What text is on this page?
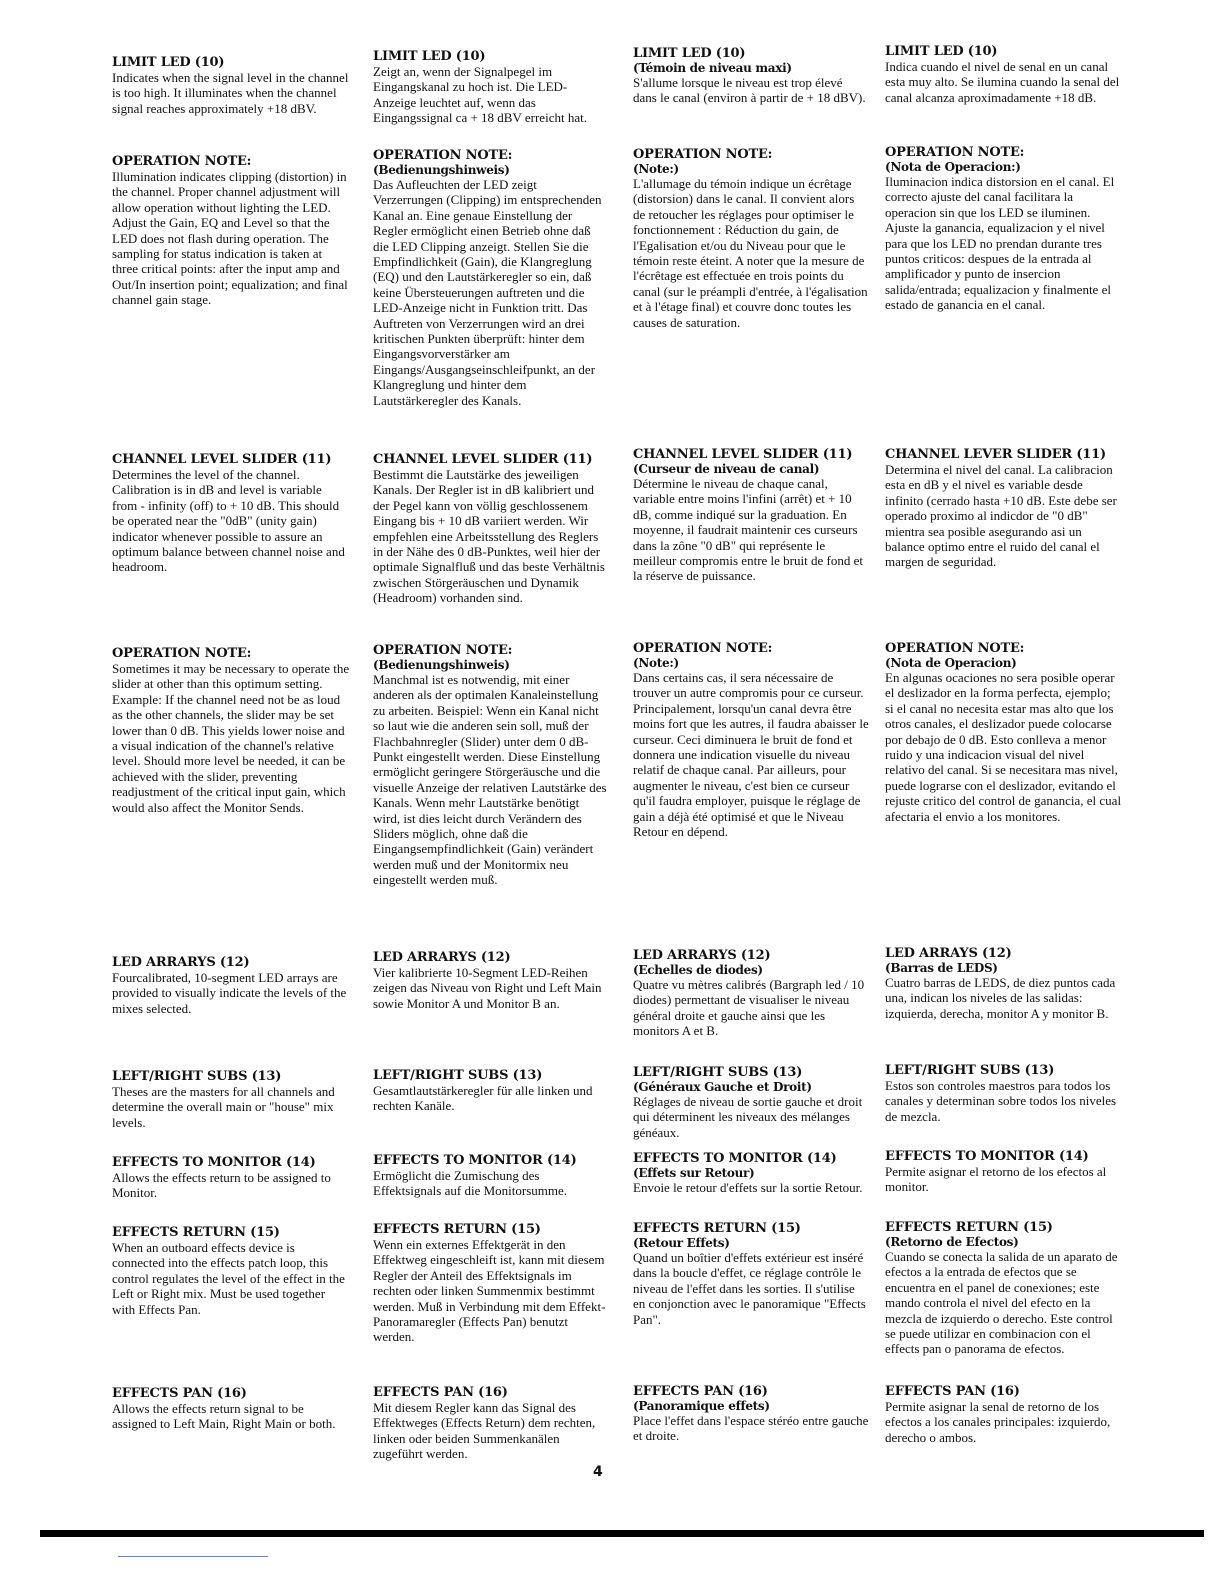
LIMIT LED (10)

Indicates when the signal level in the channel is too high. It illuminates when the channel signal reaches approximately +18 dBV.

OPERATION NOTE:

Illumination indicates clipping (distortion) in the channel. Proper channel adjustment will allow operation without lighting the LED. Adjust the Gain, EQ and Level so that the LED does not flash during operation. The sampling for status indication is taken at three critical points: after the input amp and Out/In insertion point; equalization; and final channel gain stage.

CHANNEL LEVEL SLIDER (11)

Determines the level of the channel. Calibration is in dB and level is variable from - infinity (off) to + 10 dB. This should be operated near the "0dB" (unity gain) indicator whenever possible to assure an optimum balance between channel noise and headroom.

OPERATION NOTE:

Sometimes it may be necessary to operate the slider at other than this optimum setting. Example: If the channel need not be as loud as the other channels, the slider may be set lower than 0 dB. This yields lower noise and a visual indication of the channel's relative level. Should more level be needed, it can be achieved with the slider, preventing readjustment of the critical input gain, which would also affect the Monitor Sends.

LED ARRARYS (12)

Fourcalibrated, 10-segment LED arrays are provided to visually indicate the levels of the mixes selected.

LEFT/RIGHT SUBS (13)

Theses are the masters for all channels and determine the overall main or "house" mix levels.

EFFECTS TO MONITOR (14)

Allows the effects return to be assigned to Monitor.

EFFECTS RETURN (15)

When an outboard effects device is connected into the effects patch loop, this control regulates the level of the effect in the Left or Right mix. Must be used together with Effects Pan.

EFFECTS PAN (16)

Allows the effects return signal to be assigned to Left Main, Right Main or both.

LIMIT LED (10)

Zeigt an, wenn der Signalpegel im Eingangskanal zu hoch ist. Die LED-Anzeige leuchtet auf, wenn das Eingangssignal ca + 18 dBV erreicht hat.

OPERATION NOTE:

(Bedienungshinweis)

Das Aufleuchten der LED zeigt Verzerrungen (Clipping) im entsprechenden Kanal an. Eine genaue Einstellung der Regler ermöglicht einen Betrieb ohne daß die LED Clipping anzeigt. Stellen Sie die Empfindlichkeit (Gain), die Klangreglung (EQ) und den Lautstärkeregler so ein, daß keine Übersteuerungen auftreten und die LED-Anzeige nicht in Funktion tritt. Das Auftreten von Verzerrungen wird an drei kritischen Punkten überprüft: hinter dem Eingangsvorverstärker am Eingangs/Ausgangseinschleifpunkt, an der Klangreglung und hinter dem Lautstärkeregler des Kanals.

CHANNEL LEVEL SLIDER (11)

Bestimmt die Lautstärke des jeweiligen Kanals. Der Regler ist in dB kalibriert und der Pegel kann von völlig geschlossenem Eingang bis + 10 dB variiert werden. Wir empfehlen eine Arbeitsstellung des Reglers in der Nähe des 0 dB-Punktes, weil hier der optimale Signalfluß und das beste Verhältnis zwischen Störgeräuschen und Dynamik (Headroom) vorhanden sind.

OPERATION NOTE:

(Bedienungshinweis)

Manchmal ist es notwendig, mit einer anderen als der optimalen Kanaleinstellung zu arbeiten. Beispiel: Wenn ein Kanal nicht so laut wie die anderen sein soll, muß der Flachbahnregler (Slider) unter dem 0 dB-Punkt eingestellt werden. Diese Einstellung ermöglicht geringere Störgeräusche und die visuelle Anzeige der relativen Lautstärke des Kanals. Wenn mehr Lautstärke benötigt wird, ist dies leicht durch Verändern des Sliders möglich, ohne daß die Eingangsempfindlichkeit (Gain) verändert werden muß und der Monitormix neu eingestellt werden muß.

LED ARRARYS (12)

Vier kalibrierte 10-Segment LED-Reihen zeigen das Niveau von Right und Left Main sowie Monitor A und Monitor B an.

LEFT/RIGHT SUBS (13)

Gesamtlautstärkeregler für alle linken und rechten Kanäle.

EFFECTS TO MONITOR (14)

Ermöglicht die Zumischung des Effektsignals auf die Monitorsumme.

EFFECTS RETURN (15)

Wenn ein externes Effektgerät in den Effektweg eingeschleift ist, kann mit diesem Regler der Anteil des Effektsignals im rechten oder linken Summenmix bestimmt werden. Muß in Verbindung mit dem Effekt-Panoramaregler (Effects Pan) benutzt werden.

EFFECTS PAN (16)

Mit diesem Regler kann das Signal des Effektweges (Effects Return) dem rechten, linken oder beiden Summenkanälen zugeführt werden.

LIMIT LED (10)

(Témoin de niveau maxi)

S'allume lorsque le niveau est trop élevé dans le canal (environ à partir de + 18 dBV).

OPERATION NOTE:

(Note:)

L'allumage du témoin indique un écrêtage (distorsion) dans le canal. Il convient alors de retoucher les réglages pour optimiser le fonctionnement : Réduction du gain, de l'Egalisation et/ou du Niveau pour que le témoin reste éteint. A noter que la mesure de l'écrêtage est effectuée en trois points du canal (sur le préampli d'entrée, à l'égalisation et à l'étage final) et couvre donc toutes les causes de saturation.

CHANNEL LEVEL SLIDER (11)

(Curseur de niveau de canal)

Détermine le niveau de chaque canal, variable entre moins l'infini (arrêt) et + 10 dB, comme indiqué sur la graduation. En moyenne, il faudrait maintenir ces curseurs dans la zône "0 dB" qui représente le meilleur compromis entre le bruit de fond et la réserve de puissance.

OPERATION NOTE:

(Note:)

Dans certains cas, il sera nécessaire de trouver un autre compromis pour ce curseur. Principalement, lorsqu'un canal devra être moins fort que les autres, il faudra abaisser le curseur. Ceci diminuera le bruit de fond et donnera une indication visuelle du niveau relatif de chaque canal. Par ailleurs, pour augmenter le niveau, c'est bien ce curseur qu'il faudra employer, puisque le réglage de gain a déjà été optimisé et que le Niveau Retour en dépend.

LED ARRARYS (12)

(Echelles de diodes)

Quatre vu mètres calibrés (Bargraph led / 10 diodes) permettant de visualiser le niveau général droite et gauche ainsi que les monitors A et B.

LEFT/RIGHT SUBS (13)

(Généraux Gauche et Droit)

Réglages de niveau de sortie gauche et droit qui déterminent les niveaux des mélanges généaux.

EFFECTS TO MONITOR (14)

(Effets sur Retour)

Envoie le retour d'effets sur la sortie Retour.

EFFECTS RETURN (15)

(Retour Effets)

Quand un boîtier d'effets extérieur est inséré dans la boucle d'effet, ce réglage contrôle le niveau de l'effet dans les sorties. Il s'utilise en conjonction avec le panoramique "Effects Pan".

EFFECTS PAN (16)

(Panoramique effets)

Place l'effet dans l'espace stéréo entre gauche et droite.

LIMIT LED (10)

Indica cuando el nivel de senal en un canal esta muy alto. Se ilumina cuando la senal del canal alcanza aproximadamente +18 dB.

OPERATION NOTE:

(Nota de Operacion:)

Iluminacion indica distorsion en el canal. El correcto ajuste del canal facilitara la operacion sin que los LED se iluminen. Ajuste la ganancia, equalizacion y el nivel para que los LED no prendan durante tres puntos criticos: despues de la entrada al amplificador y punto de insercion salida/entrada; equalizacion y finalmente el estado de ganancia en el canal.

CHANNEL LEVER SLIDER (11)

Determina el nivel del canal. La calibracion esta en dB y el nivel es variable desde infinito (cerrado hasta +10 dB. Este debe ser operado proximo al indicdor de "0 dB" mientra sea posible asegurando asi un balance optimo entre el ruido del canal el margen de seguridad.

OPERATION NOTE:

(Nota de Operacion)

En algunas ocaciones no sera posible operar el deslizador en la forma perfecta, ejemplo; si el canal no necesita estar mas alto que los otros canales, el deslizador puede colocarse por debajo de 0 dB. Esto conlleva a menor ruido y una indicacion visual del nivel relativo del canal. Si se necesitara mas nivel, puede lograrse con el deslizador, evitando el rejuste critico del control de ganancia, el cual afectaria el envio a los monitores.

LED ARRAYS (12)

(Barras de LEDS)

Cuatro barras de LEDS, de diez puntos cada una, indican los niveles de las salidas: izquierda, derecha, monitor A y monitor B.

LEFT/RIGHT SUBS (13)

Estos son controles maestros para todos los canales y determinan sobre todos los niveles de mezcla.

EFFECTS TO MONITOR (14)

Permite asignar el retorno de los efectos al monitor.

EFFECTS RETURN (15)

(Retorno de Efectos)

Cuando se conecta la salida de un aparato de efectos a la entrada de efectos que se encuentra en el panel de conexiones; este mando controla el nivel del efecto en la mezcla de izquierdo o derecho. Este control se puede utilizar en combinacion con el effects pan o panorama de efectos.

EFFECTS PAN (16)

Permite asignar la senal de retorno de los efectos a los canales principales: izquierdo, derecho o ambos.

4
